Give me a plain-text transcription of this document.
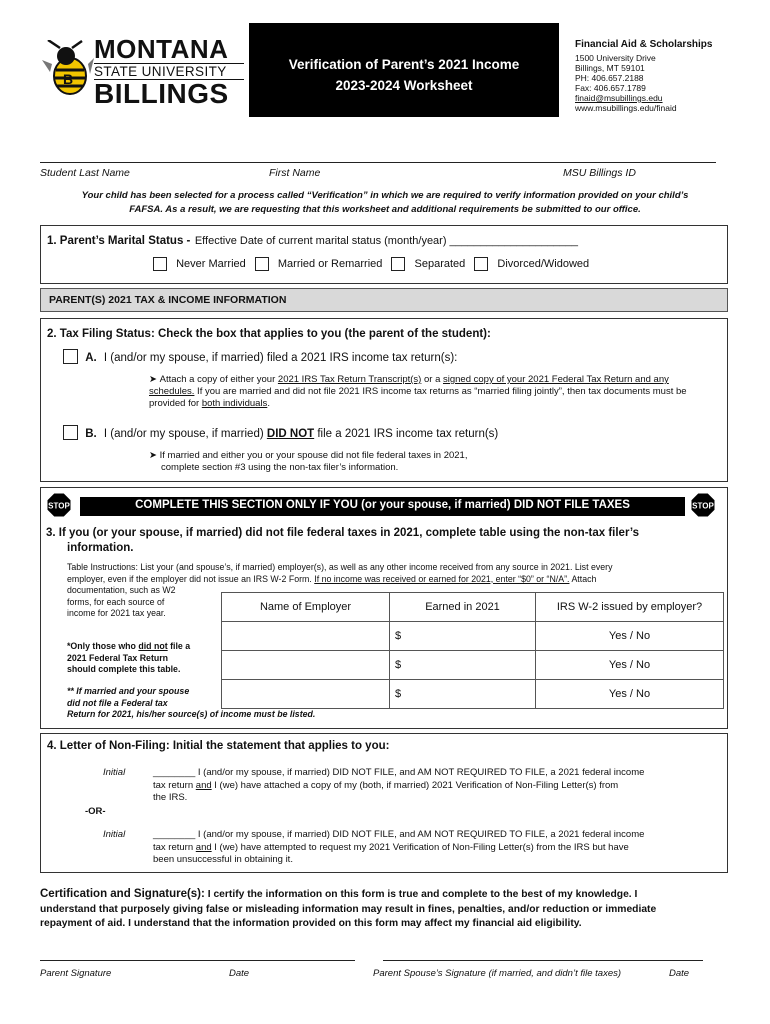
B
MONTANA
STATE UNIVERSITY
BILLINGS
Verification of Parent’s 2021 Income
2023-2024 Worksheet
Financial Aid & Scholarships
1500 University Drive
Billings, MT 59101
PH: 406.657.2188
Fax: 406.657.1789
finaid@msubillings.edu
www.msubillings.edu/finaid
Student Last Name	First Name	MSU Billings ID
Your child has been selected for a process called “Verification” in which we are required to verify information provided on your child’s
FAFSA. As a result, we are requesting that this worksheet and additional requirements be submitted to our office.
1. Parent’s Marital Status - Effective Date of current marital status (month/year) _____________________
Never Married	Married or Remarried	Separated	Divorced/Widowed
PARENT(S) 2021 TAX & INCOME INFORMATION
2. Tax Filing Status: Check the box that applies to you (the parent of the student):
A. I (and/or my spouse, if married) filed a 2021 IRS income tax return(s):
➤ Attach a copy of either your 2021 IRS Tax Return Transcript(s) or a signed copy of your 2021 Federal Tax Return and any schedules. If you are married and did not file 2021 IRS income tax returns as “married filing jointly”, then tax documents must be provided for both individuals.
B. I (and/or my spouse, if married) DID NOT file a 2021 IRS income tax return(s)
➤ If married and either you or your spouse did not file federal taxes in 2021,
complete section #3 using the non-tax filer’s information.
STOP	COMPLETE THIS SECTION ONLY IF YOU (or your spouse, if married) DID NOT FILE TAXES	STOP
3. If you (or your spouse, if married) did not file federal taxes in 2021, complete table using the non-tax filer’s
information.
Table Instructions: List your (and spouse’s, if married) employer(s), as well as any other income received from any source in 2021. List every
employer, even if the employer did not issue an IRS W-2 Form. If no income was received or earned for 2021, enter “$0” or “N/A”. Attach
documentation, such as W2
forms, for each source of
income for 2021 tax year.
*Only those who did not file a
2021 Federal Tax Return
should complete this table.
** If married and your spouse
did not file a Federal tax
Return for 2021, his/her source(s) of income must be listed.
Name of Employer	Earned in 2021	IRS W-2 issued by employer?
	$	Yes / No
	$	Yes / No
	$	Yes / No
4. Letter of Non-Filing: Initial the statement that applies to you:
Initial	________ I (and/or my spouse, if married) DID NOT FILE, and AM NOT REQUIRED TO FILE, a 2021 federal income
tax return and I (we) have attached a copy of my (both, if married) 2021 Verification of Non-Filing Letter(s) from
the IRS.
-OR-
Initial	________ I (and/or my spouse, if married) DID NOT FILE, and AM NOT REQUIRED TO FILE, a 2021 federal income
tax return and I (we) have attempted to request my 2021 Verification of Non-Filing Letter(s) from the IRS but have
been unsuccessful in obtaining it.
Certification and Signature(s): I certify the information on this form is true and complete to the best of my knowledge. I
understand that purposely giving false or misleading information may result in fines, penalties, and/or reduction or immediate
repayment of aid. I understand that the information provided on this form may affect my financial aid eligibility.
Parent Signature	Date	Parent Spouse’s Signature (if married, and didn’t file taxes)	Date
